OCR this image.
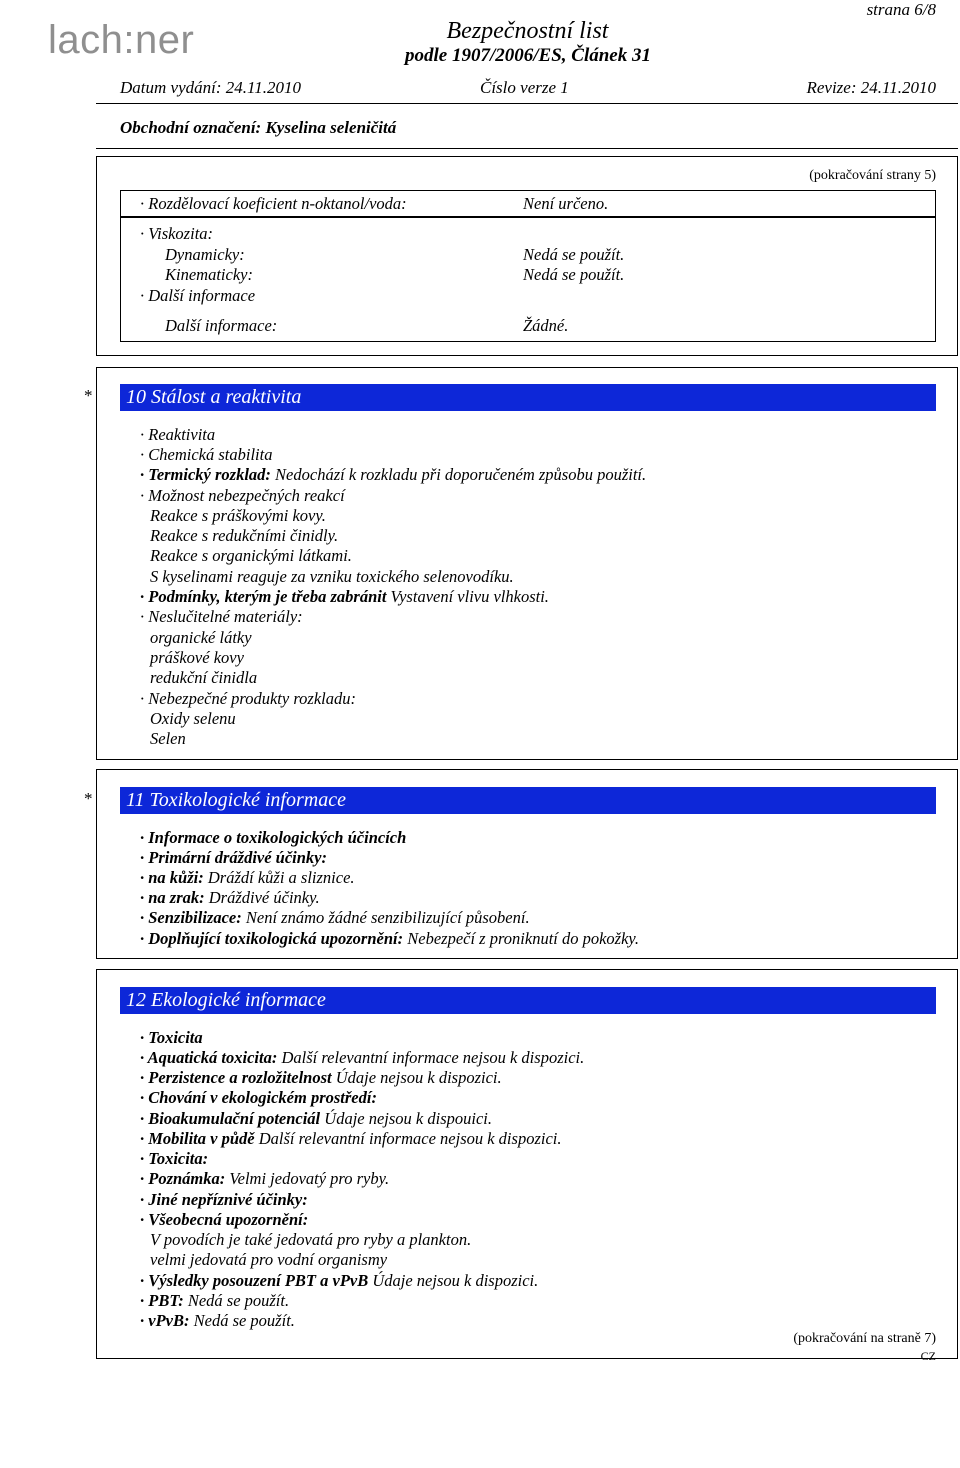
lach:ner	Bezpečnostní list
podle 1907/2006/ES, Článek 31
strana 6/8
Datum vydání: 24.11.2010	Číslo verze 1	Revize: 24.11.2010
Obchodní označení: Kyselina seleničitá
(pokračování strany 5)
· Rozdělovací koeficient n-oktanol/voda:	Není určeno.
· Viskozita:
Dynamicky:	Nedá se použít.
Kinematicky:	Nedá se použít.
· Další informace
Další informace:	Žádné.
*	10 Stálost a reaktivita
· Reaktivita
· Chemická stabilita
· Termický rozklad: Nedochází k rozkladu při doporučeném způsobu použití.
· Možnost nebezpečných reakcí
Reakce s práškovými kovy.
Reakce s redukčními činidly.
Reakce s organickými látkami.
S kyselinami reaguje za vzniku toxického selenovodíku.
· Podmínky, kterým je třeba zabránit Vystavení vlivu vlhkosti.
· Neslučitelné materiály:
organické látky
práškové kovy
redukční činidla
· Nebezpečné produkty rozkladu:
Oxidy selenu
Selen
*	11 Toxikologické informace
· Informace o toxikologických účincích
· Primární dráždivé účinky:
· na kůži: Dráždí kůži a sliznice.
· na zrak: Dráždivé účinky.
· Senzibilizace: Není známo žádné senzibilizující působení.
· Doplňující toxikologická upozornění: Nebezpečí z proniknutí do pokožky.
12 Ekologické informace
· Toxicita
· Aquatická toxicita: Další relevantní informace nejsou k dispozici.
· Perzistence a rozložitelnost Údaje nejsou k dispozici.
· Chování v ekologickém prostředí:
· Bioakumulační potenciál Údaje nejsou k dispouici.
· Mobilita v půdě Další relevantní informace nejsou k dispozici.
· Toxicita:
· Poznámka: Velmi jedovatý pro ryby.
· Jiné nepříznivé účinky:
· Všeobecná upozornění:
V povodích je také jedovatá pro ryby a plankton.
velmi jedovatá pro vodní organismy
· Výsledky posouzení PBT a vPvB Údaje nejsou k dispozici.
· PBT: Nedá se použít.
· vPvB: Nedá se použít.
(pokračování na straně 7)
CZ
